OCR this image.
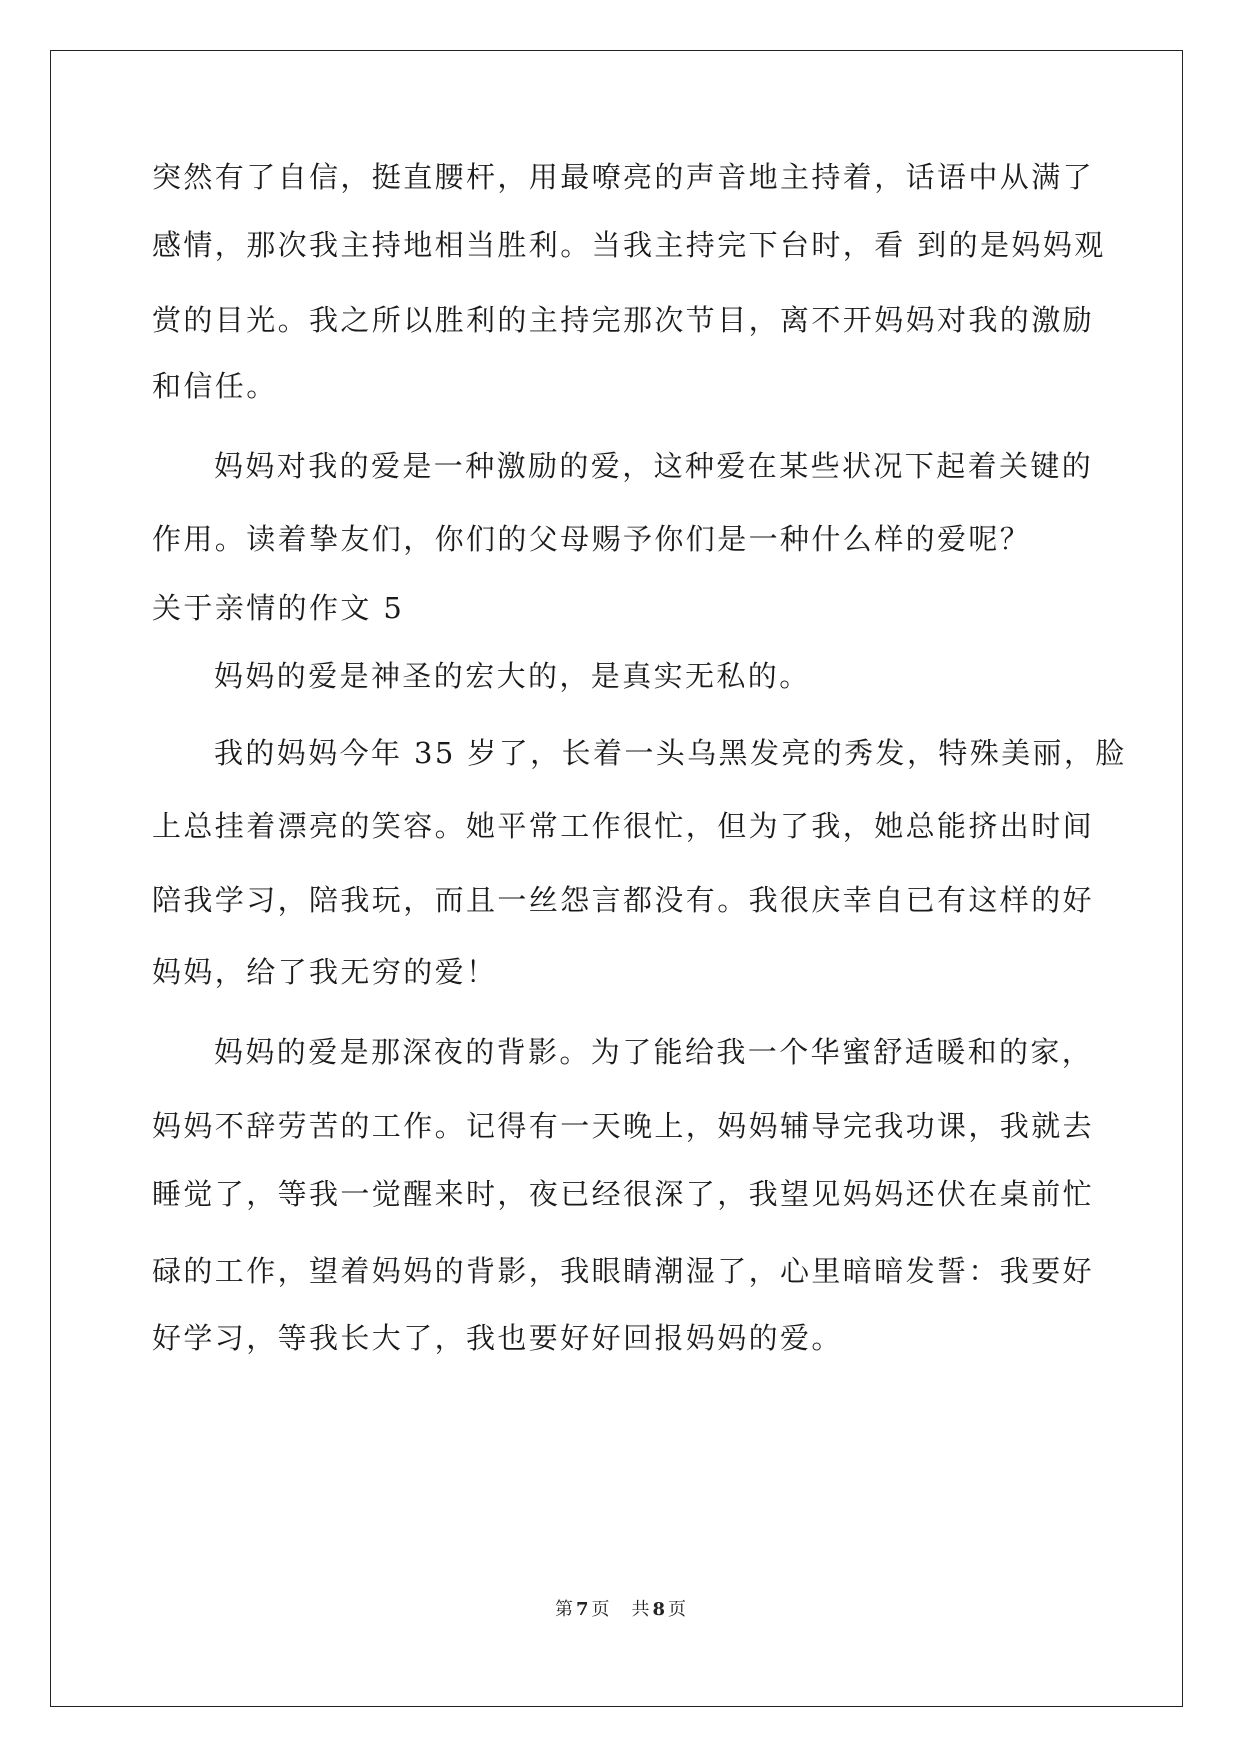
突然有了自信，挺直腰杆，用最嘹亮的声音地主持着，话语中从满了
感情，那次我主持地相当胜利。当我主持完下台时，看 到的是妈妈观
赏的目光。我之所以胜利的主持完那次节目，离不开妈妈对我的激励
和信任。
妈妈对我的爱是一种激励的爱，这种爱在某些状况下起着关键的
作用。读着挚友们，你们的父母赐予你们是一种什么样的爱呢？
关于亲情的作文 5
妈妈的爱是神圣的宏大的，是真实无私的。
我的妈妈今年 35 岁了，长着一头乌黑发亮的秀发，特殊美丽，脸
上总挂着漂亮的笑容。她平常工作很忙，但为了我，她总能挤出时间
陪我学习，陪我玩，而且一丝怨言都没有。我很庆幸自已有这样的好
妈妈，给了我无穷的爱！
妈妈的爱是那深夜的背影。为了能给我一个华蜜舒适暖和的家，
妈妈不辞劳苦的工作。记得有一天晚上，妈妈辅导完我功课，我就去
睡觉了，等我一觉醒来时，夜已经很深了，我望见妈妈还伏在桌前忙
碌的工作，望着妈妈的背影，我眼睛潮湿了，心里暗暗发誓：我要好
好学习，等我长大了，我也要好好回报妈妈的爱。
第 7 页 共 8 页
